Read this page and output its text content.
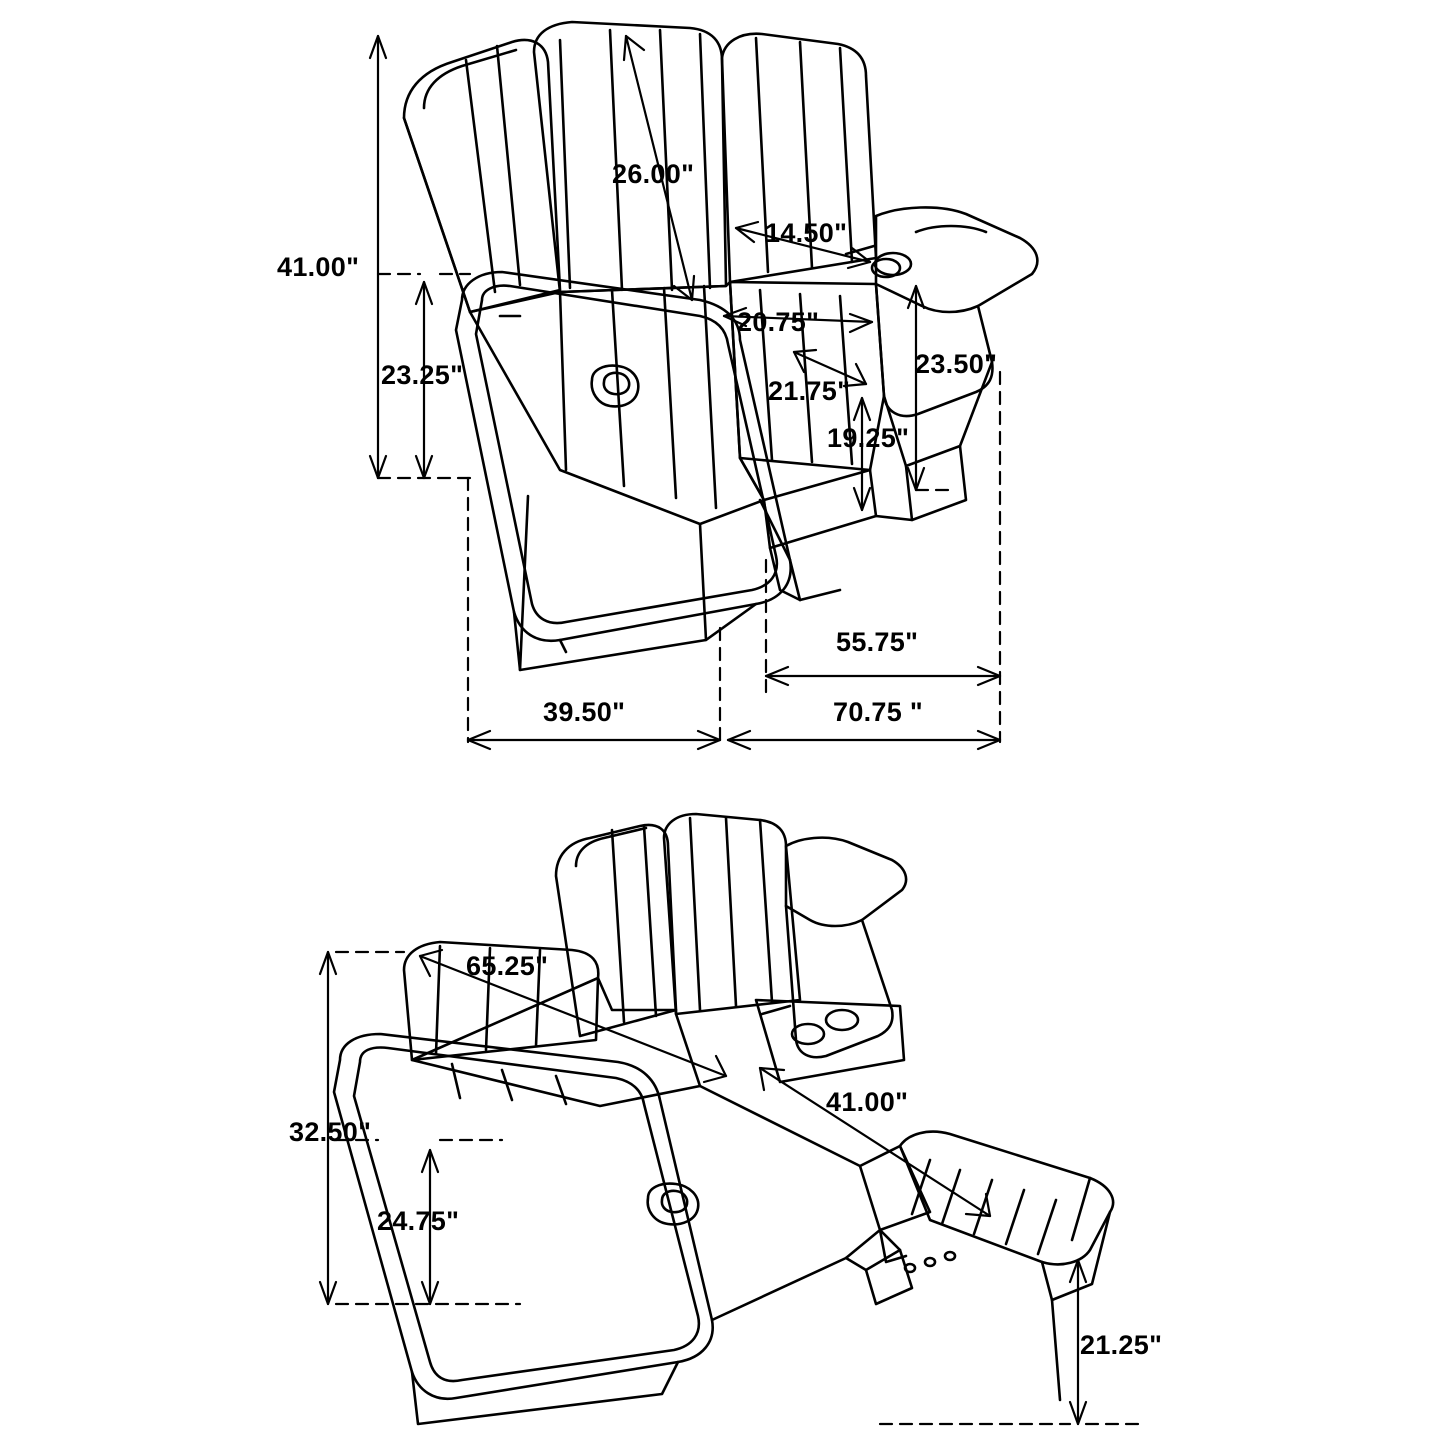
41.00"
23.25"
26.00"
14.50"
20.75"
21.75"
23.50"
19.25"
55.75"
39.50"	70.75 "
65.25"
32.50"
24.75"
41.00"
21.25"
